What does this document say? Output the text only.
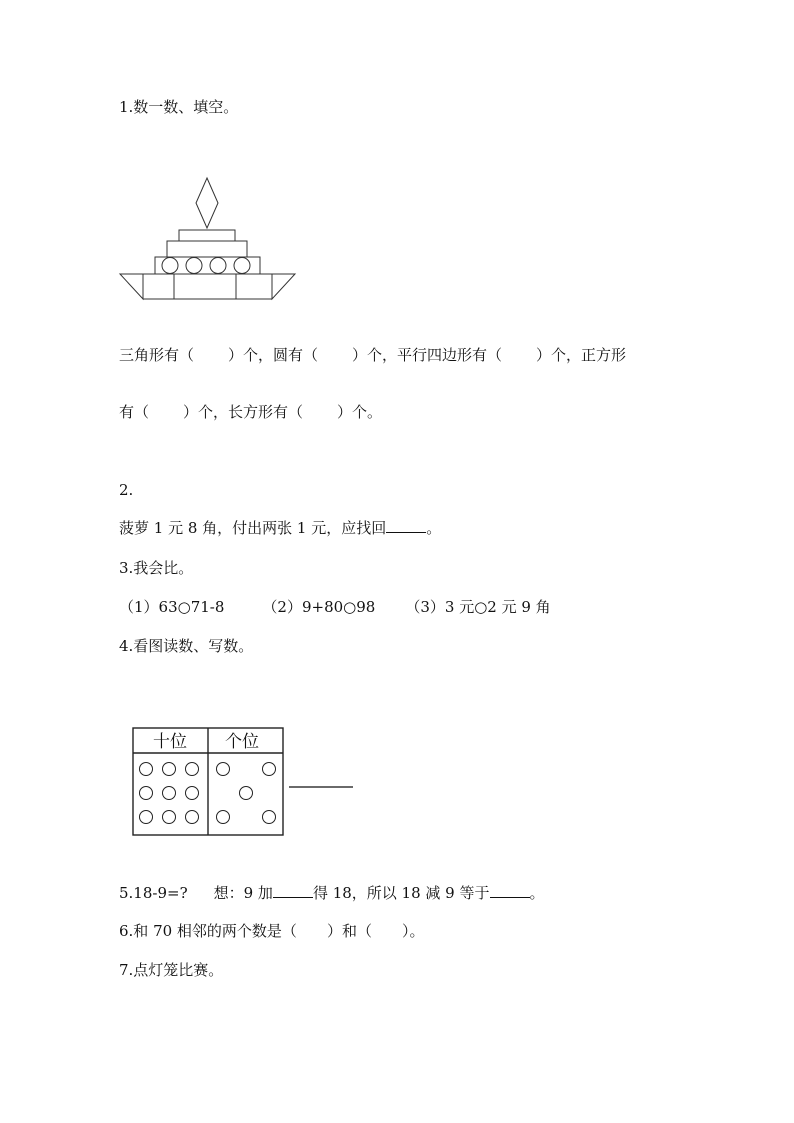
1.数一数、填空。
三角形有（ ）个，圆有（ ）个，平行四边形有（ ）个，正方形
有（ ）个，长方形有（ ）个。
2.
菠萝 1 元 8 角，付出两张 1 元，应找回	。
3.我会比。
（1）63○71-8	（2）9+80○98 （3）3 元○2 元 9 角
4.看图读数、写数。
十位 个位
5.18-9=? 想：9 加	得 18，所以 18 减 9 等于	。
6.和 70 相邻的两个数是（ ）和（ ）。
7.点灯笼比赛。
